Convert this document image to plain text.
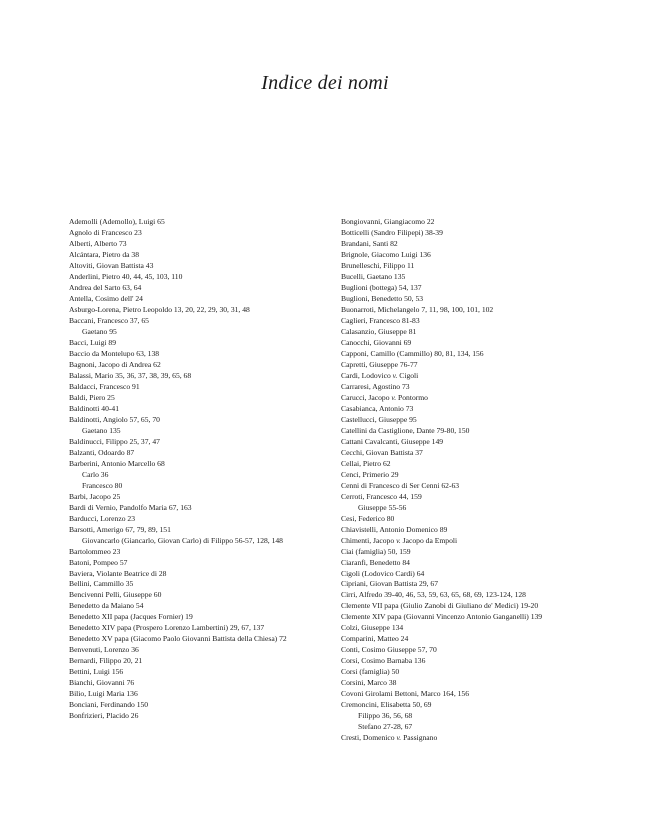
Indice dei nomi
Ademolli (Ademollo), Luigi 65
Agnolo di Francesco 23
Alberti, Alberto 73
Alcántara, Pietro da 38
Altoviti, Giovan Battista 43
Anderlini, Pietro 40, 44, 45, 103, 110
Andrea del Sarto 63, 64
Antella, Cosimo dell' 24
Asburgo-Lorena, Pietro Leopoldo 13, 20, 22, 29, 30, 31, 48
Baccani, Francesco 37, 65
Gaetano 95
Bacci, Luigi 89
Baccio da Montelupo 63, 138
Bagnoni, Jacopo di Andrea 62
Balassi, Mario 35, 36, 37, 38, 39, 65, 68
Baldacci, Francesco 91
Baldi, Piero 25
Baldinotti 40-41
Baldinotti, Angiolo 57, 65, 70
Gaetano 135
Baldinucci, Filippo 25, 37, 47
Balzanti, Odoardo 87
Barberini, Antonio Marcello 68
Carlo 36
Francesco 80
Barbi, Jacopo 25
Bardi di Vernio, Pandolfo Maria 67, 163
Barducci, Lorenzo 23
Barsotti, Amerigo 67, 79, 89, 151
Giovancarlo (Giancarlo, Giovan Carlo) di Filippo 56-57, 128, 148
Bartolommeo 23
Batoni, Pompeo 57
Baviera, Violante Beatrice di 28
Bellini, Cammillo 35
Bencivenni Pelli, Giuseppe 60
Benedetto da Maiano 54
Benedetto XII papa (Jacques Fornier) 19
Benedetto XIV papa (Prospero Lorenzo Lambertini) 29, 67, 137
Benedetto XV papa (Giacomo Paolo Giovanni Battista della Chiesa) 72
Benvenuti, Lorenzo 36
Bernardi, Filippo 20, 21
Bettini, Luigi 156
Bianchi, Giovanni 76
Bilio, Luigi Maria 136
Bonciani, Ferdinando 150
Bonfrizieri, Placido 26
Bongiovanni, Giangiacomo 22
Botticelli (Sandro Filipepi) 38-39
Brandani, Santi 82
Brignole, Giacomo Luigi 136
Brunelleschi, Filippo 11
Bucelli, Gaetano 135
Buglioni (bottega) 54, 137
Buglioni, Benedetto 50, 53
Buonarroti, Michelangelo 7, 11, 98, 100, 101, 102
Caglieri, Francesco 81-83
Calasanzio, Giuseppe 81
Canocchi, Giovanni 69
Capponi, Camillo (Cammillo) 80, 81, 134, 156
Capretti, Giuseppe 76-77
Cardi, Lodovico v. Cigoli
Carraresi, Agostino 73
Carucci, Jacopo v. Pontormo
Casabianca, Antonio 73
Castellucci, Giuseppe 95
Catellini da Castiglione, Dante 79-80, 150
Cattani Cavalcanti, Giuseppe 149
Cecchi, Giovan Battista 37
Cellai, Pietro 62
Cenci, Primerio 29
Cenni di Francesco di Ser Cenni 62-63
Cerroti, Francesco 44, 159
Giuseppe 55-56
Cesi, Federico 80
Chiavistelli, Antonio Domenico 89
Chimenti, Jacopo v. Jacopo da Empoli
Ciai (famiglia) 50, 159
Ciaranfi, Benedetto 84
Cigoli (Lodovico Cardi) 64
Cipriani, Giovan Battista 29, 67
Cirri, Alfredo 39-40, 46, 53, 59, 63, 65, 68, 69, 123-124, 128
Clemente VII papa (Giulio Zanobi di Giuliano de' Medici) 19-20
Clemente XIV papa (Giovanni Vincenzo Antonio Ganganelli) 139
Colzi, Giuseppe 134
Comparini, Matteo 24
Conti, Cosimo Giuseppe 57, 70
Corsi, Cosimo Barnaba 136
Corsi (famiglia) 50
Corsini, Marco 38
Covoni Girolami Bettoni, Marco 164, 156
Cremoncini, Elisabetta 50, 69
Filippo 36, 56, 68
Stefano 27-28, 67
Cresti, Domenico v. Passignano
